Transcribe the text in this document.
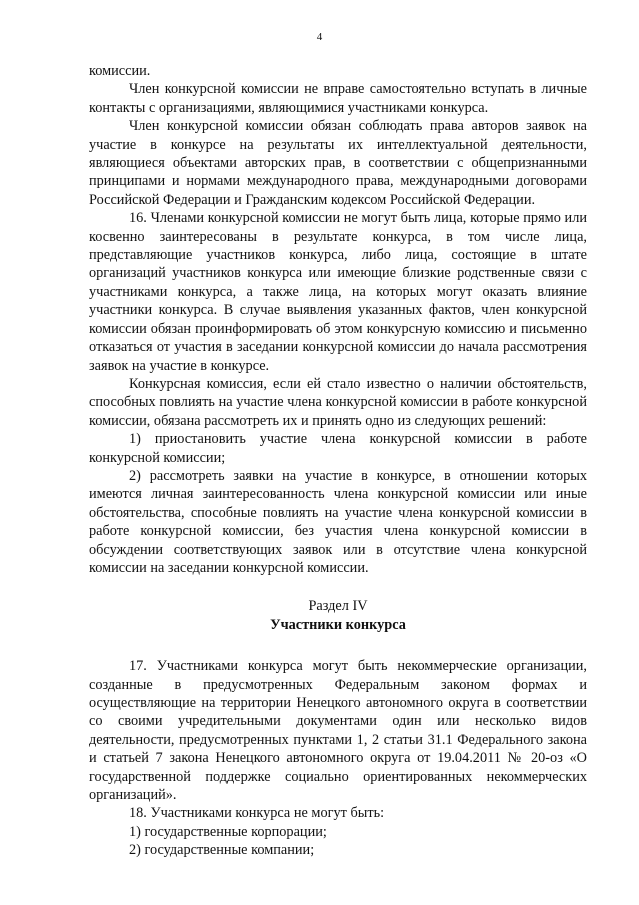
4

комиссии.

Член конкурсной комиссии не вправе самостоятельно вступать в личные контакты с организациями, являющимися участниками конкурса.

Член конкурсной комиссии обязан соблюдать права авторов заявок на участие в конкурсе на результаты их интеллектуальной деятельности, являющиеся объектами авторских прав, в соответствии с общепризнанными принципами и нормами международного права, международными договорами Российской Федерации и Гражданским кодексом Российской Федерации.

16. Членами конкурсной комиссии не могут быть лица, которые прямо или косвенно заинтересованы в результате конкурса, в том числе лица, представляющие участников конкурса, либо лица, состоящие в штате организаций участников конкурса или имеющие близкие родственные связи с участниками конкурса, а также лица, на которых могут оказать влияние участники конкурса. В случае выявления указанных фактов, член конкурсной комиссии обязан проинформировать об этом конкурсную комиссию и письменно отказаться от участия в заседании конкурсной комиссии до начала рассмотрения заявок на участие в конкурсе.

Конкурсная комиссия, если ей стало известно о наличии обстоятельств, способных повлиять на участие члена конкурсной комиссии в работе конкурсной комиссии, обязана рассмотреть их и принять одно из следующих решений:

1) приостановить участие члена конкурсной комиссии в работе конкурсной комиссии;

2) рассмотреть заявки на участие в конкурсе, в отношении которых имеются личная заинтересованность члена конкурсной комиссии или иные обстоятельства, способные повлиять на участие члена конкурсной комиссии в работе конкурсной комиссии, без участия члена конкурсной комиссии в обсуждении соответствующих заявок или в отсутствие члена конкурсной комиссии на заседании конкурсной комиссии.

Раздел IV

Участники конкурса

17. Участниками конкурса могут быть некоммерческие организации, созданные в предусмотренных Федеральным законом формах и осуществляющие на территории Ненецкого автономного округа в соответствии со своими учредительными документами один или несколько видов деятельности, предусмотренных пунктами 1, 2 статьи 31.1 Федерального закона и статьей 7 закона Ненецкого автономного округа от 19.04.2011 № 20-оз «О государственной поддержке социально ориентированных некоммерческих организаций».

18. Участниками конкурса не могут быть:

1) государственные корпорации;

2) государственные компании;
